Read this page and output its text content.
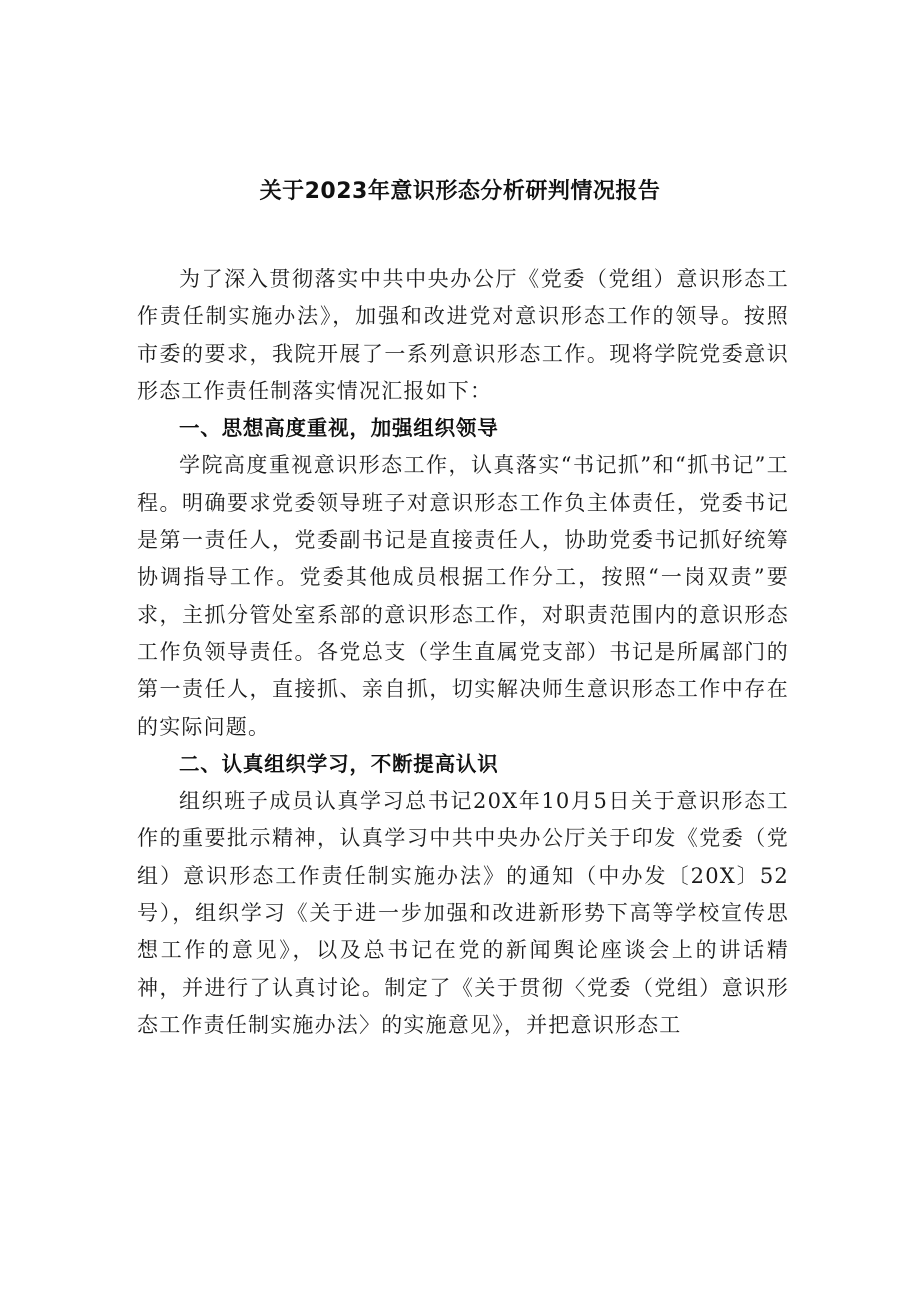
关于2023年意识形态分析研判情况报告

为了深入贯彻落实中共中央办公厅《党委（党组）意识形态工作责任制实施办法》，加强和改进党对意识形态工作的领导。按照市委的要求，我院开展了一系列意识形态工作。现将学院党委意识形态工作责任制落实情况汇报如下：

一、思想高度重视，加强组织领导

学院高度重视意识形态工作，认真落实“书记抓”和“抓书记”工程。明确要求党委领导班子对意识形态工作负主体责任，党委书记是第一责任人，党委副书记是直接责任人，协助党委书记抓好统筹协调指导工作。党委其他成员根据工作分工，按照“一岗双责”要求，主抓分管处室系部的意识形态工作，对职责范围内的意识形态工作负领导责任。各党总支（学生直属党支部）书记是所属部门的第一责任人，直接抓、亲自抓，切实解决师生意识形态工作中存在的实际问题。

二、认真组织学习，不断提高认识

组织班子成员认真学习总书记20X年10月5日关于意识形态工作的重要批示精神，认真学习中共中央办公厅关于印发《党委（党组）意识形态工作责任制实施办法》的通知（中办发〔20X〕52号），组织学习《关于进一步加强和改进新形势下高等学校宣传思想工作的意见》，以及总书记在党的新闻舆论座谈会上的讲话精神，并进行了认真讨论。制定了《关于贯彻〈党委（党组）意识形态工作责任制实施办法〉的实施意见》，并把意识形态工
